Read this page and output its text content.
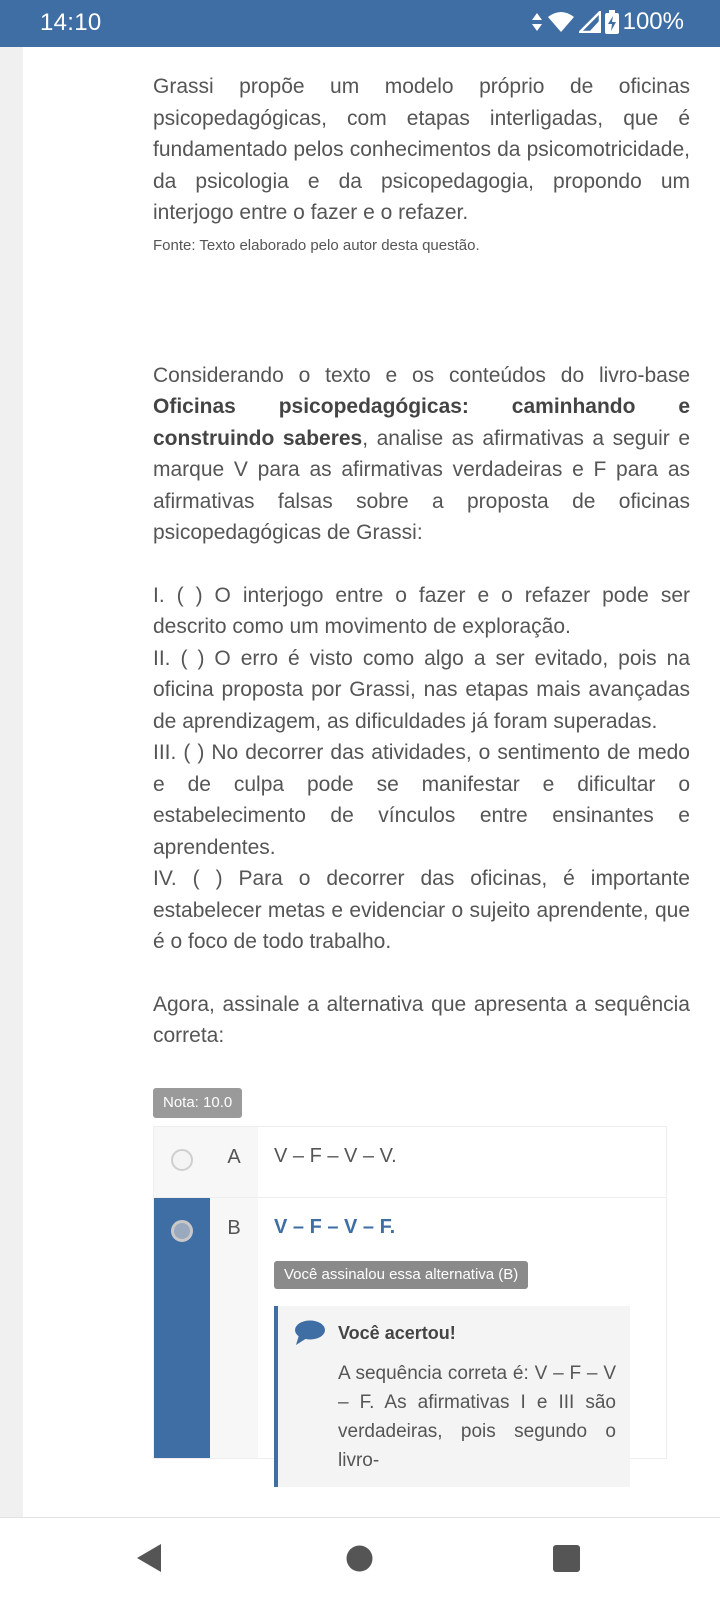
14:10	100%

Grassi propõe um modelo próprio de oficinas psicopedagógicas, com etapas interligadas, que é fundamentado pelos conhecimentos da psicomotricidade, da psicologia e da psicopedagogia, propondo um interjogo entre o fazer e o refazer.

Fonte: Texto elaborado pelo autor desta questão.

Considerando o texto e os conteúdos do livro-base Oficinas psicopedagógicas: caminhando e construindo saberes, analise as afirmativas a seguir e marque V para as afirmativas verdadeiras e F para as afirmativas falsas sobre a proposta de oficinas psicopedagógicas de Grassi:

I. ( ) O interjogo entre o fazer e o refazer pode ser descrito como um movimento de exploração.

II. ( ) O erro é visto como algo a ser evitado, pois na oficina proposta por Grassi, nas etapas mais avançadas de aprendizagem, as dificuldades já foram superadas.

III. ( ) No decorrer das atividades, o sentimento de medo e de culpa pode se manifestar e dificultar o estabelecimento de vínculos entre ensinantes e aprendentes.

IV. ( ) Para o decorrer das oficinas, é importante estabelecer metas e evidenciar o sujeito aprendente, que é o foco de todo trabalho.

Agora, assinale a alternativa que apresenta a sequência correta:

Nota: 10.0
A	V – F – V – V.
B	V – F – V – F.
Você assinalou essa alternativa (B)
Você acertou!
A sequência correta é: V – F – V – F. As afirmativas I e III são verdadeiras, pois segundo o livro-
